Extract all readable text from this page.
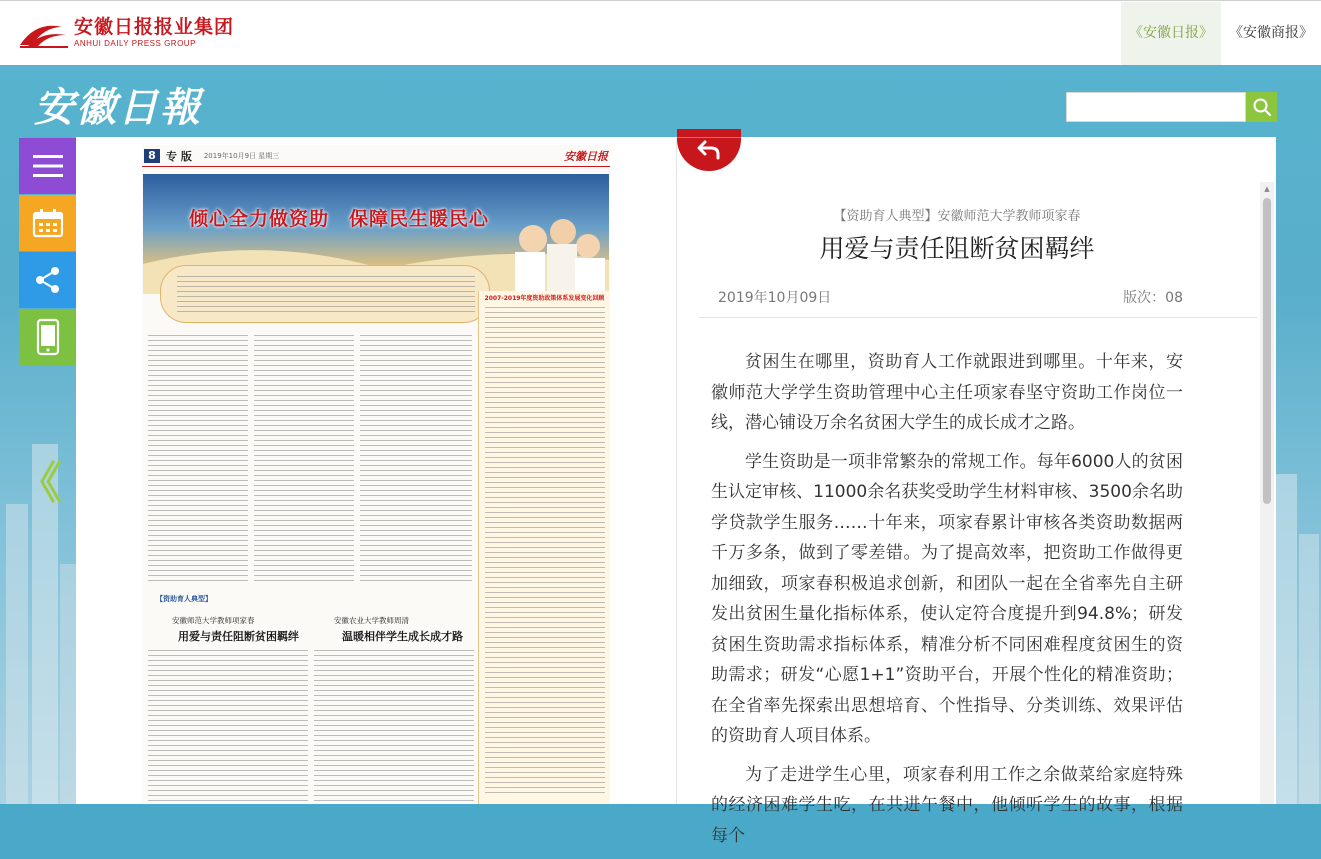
安徽日报报业集团
ANHUI DAILY PRESS GROUP
《安徽日报》	《安徽商报》
安徽日報
《
8 专 版 2019年10月9日 星期三	安徽日报
倾心全力做资助　保障民生暖民心
2007-2019年度资助政策体系发展变化回顾
【资助育人典型】
安徽师范大学教师项家春
用爱与责任阻断贫困羁绊
安徽农业大学教师周清
温暖相伴学生成长成才路
【资助育人典型】安徽师范大学教师项家春
用爱与责任阻断贫困羁绊
2019年10月09日	版次：08

贫困生在哪里，资助育人工作就跟进到哪里。十年来，安徽师范大学学生资助管理中心主任项家春坚守资助工作岗位一线，潜心铺设万余名贫困大学生的成长成才之路。

学生资助是一项非常繁杂的常规工作。每年6000人的贫困生认定审核、11000余名获奖受助学生材料审核、3500余名助学贷款学生服务……十年来，项家春累计审核各类资助数据两千万多条，做到了零差错。为了提高效率，把资助工作做得更加细致，项家春积极追求创新，和团队一起在全省率先自主研发出贫困生量化指标体系，使认定符合度提升到94.8%；研发贫困生资助需求指标体系，精准分析不同困难程度贫困生的资助需求；研发“心愿1+1”资助平台，开展个性化的精准资助；在全省率先探索出思想培育、个性指导、分类训练、效果评估的资助育人项目体系。

为了走进学生心里，项家春利用工作之余做菜给家庭特殊的经济困难学生吃，在共进午餐中，他倾听学生的故事，根据每个

▲
